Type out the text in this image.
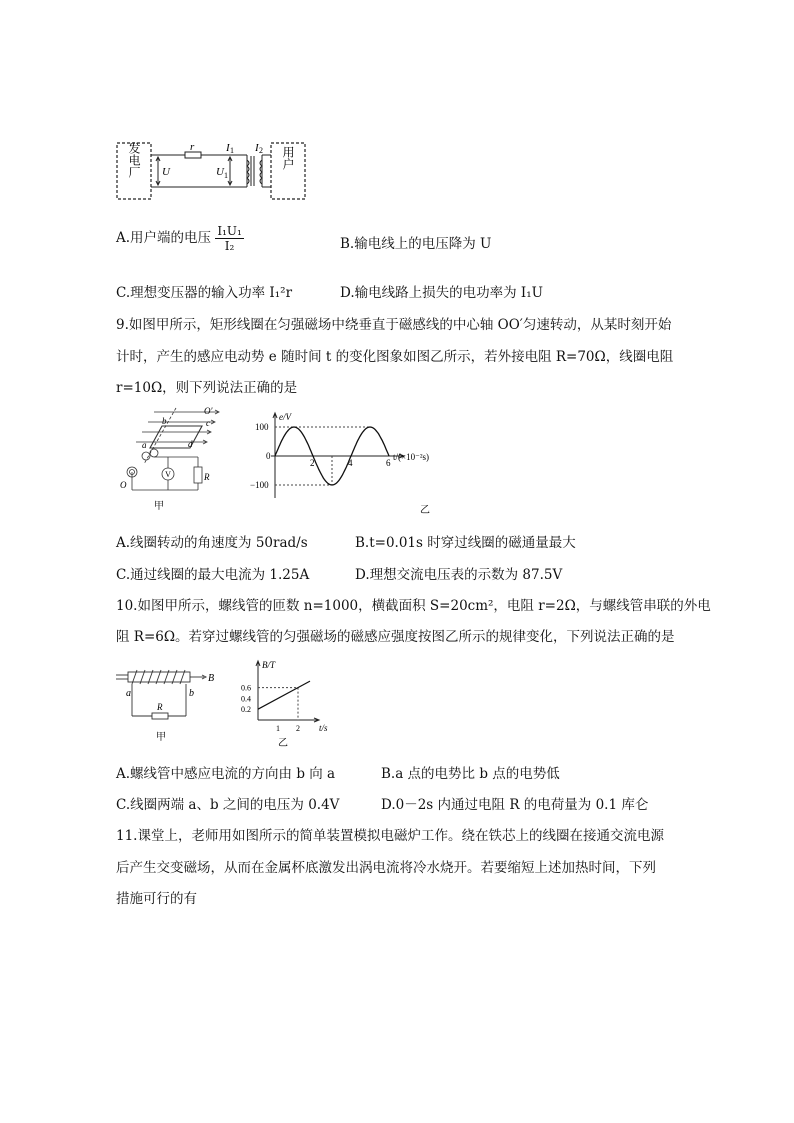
发电厂	用户
r
U	U 1
I 1 I 2
A.用户端的电压 $\frac{\text{I₁U₁}}{\text{I₂}}$	B.输电线上的电压降为 U
C.理想变压器的输入功率 I₁²r	D.输电线路上损失的电功率为 I₁U
9.如图甲所示，矩形线圈在匀强磁场中绕垂直于磁感线的中心轴 OO′匀速转动，从某时刻开始
计时，产生的感应电动势 e 随时间 t 的变化图象如图乙所示，若外接电阻 R=70Ω，线圈电阻
r=10Ω，则下列说法正确的是
O′
b	c
a	d
O
V	R
甲
e/V
t/(×10⁻²s)
100
0
−100
2	4	6
乙
A.线圈转动的角速度为 50rad/s	B.t=0.01s 时穿过线圈的磁通量最大
C.通过线圈的最大电流为 1.25A	D.理想交流电压表的示数为 87.5V
10.如图甲所示，螺线管的匝数 n=1000，横截面积 S=20cm²，电阻 r=2Ω，与螺线管串联的外电
阻 R=6Ω。若穿过螺线管的匀强磁场的磁感应强度按图乙所示的规律变化，下列说法正确的是
B
a	b
R
甲
B/T
t/s
0.6
0.4
0.2
1 2
乙
A.螺线管中感应电流的方向由 b 向 a	B.a 点的电势比 b 点的电势低
C.线圈两端 a、b 之间的电压为 0.4V	D.0－2s 内通过电阻 R 的电荷量为 0.1 库仑
11.课堂上，老师用如图所示的简单装置模拟电磁炉工作。绕在铁芯上的线圈在接通交流电源
后产生交变磁场，从而在金属杯底激发出涡电流将冷水烧开。若要缩短上述加热时间，下列
措施可行的有
